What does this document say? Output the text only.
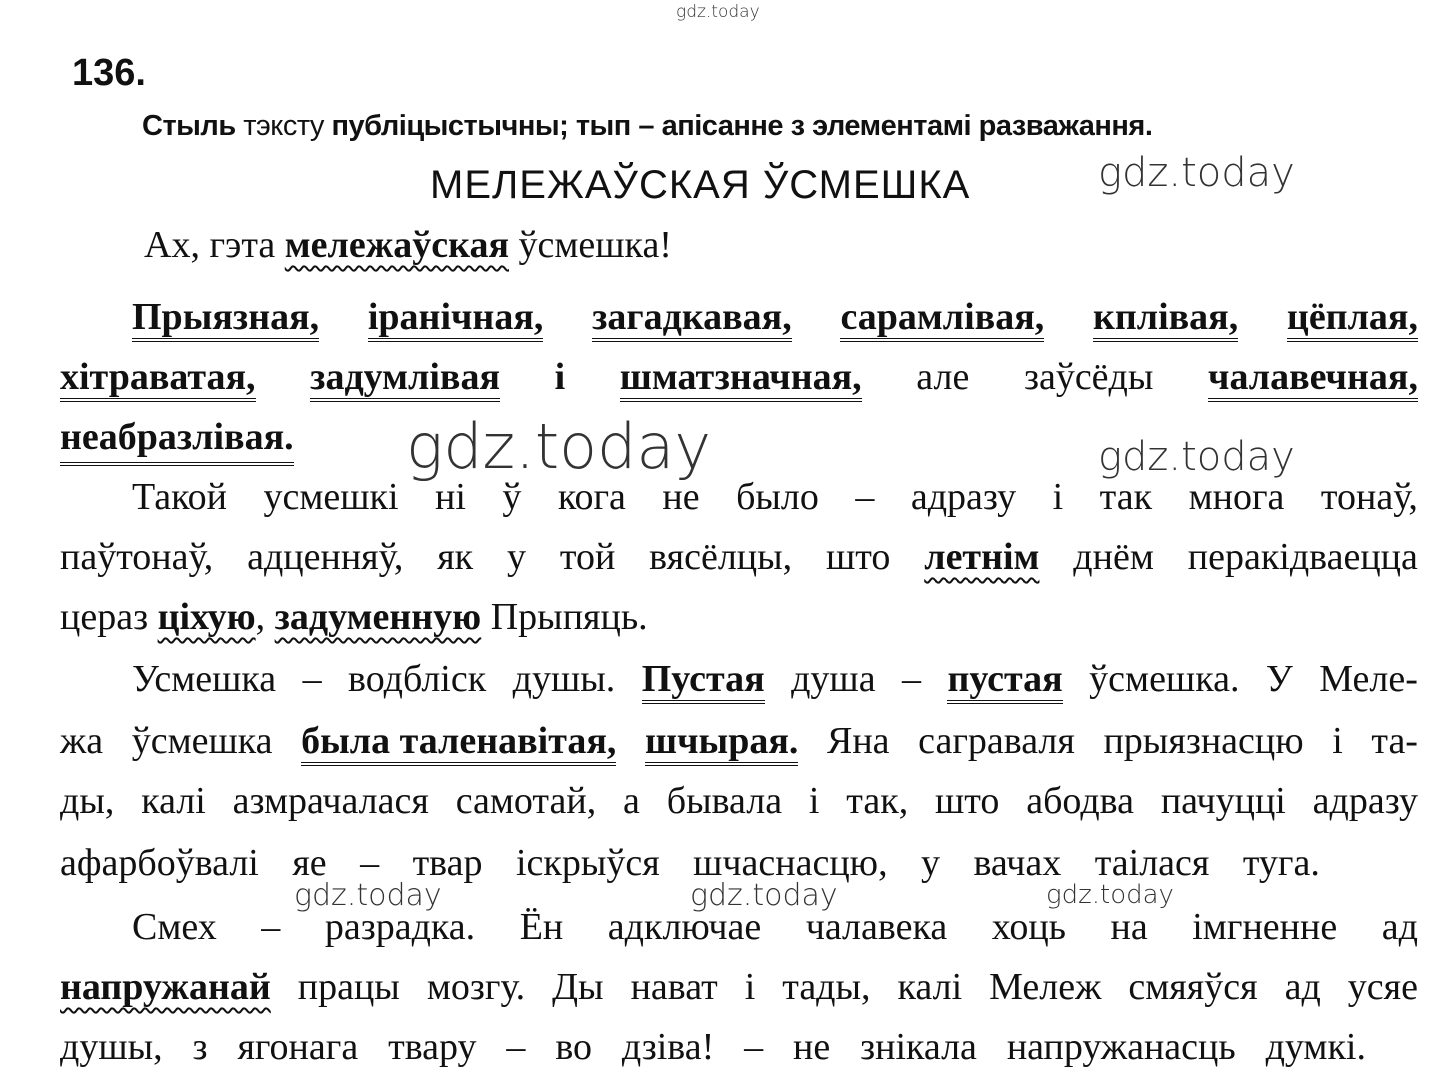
gdz.today
gdz.today
gdz.today	gdz.today
gdz.today	gdz.today	gdz.today
136.
Стыль тэксту публіцыстычны; тып – апісанне з элементамі разважання.
МЕЛЕЖАЎСКАЯ ЎСМЕШКА
Ах, гэта мележаўская ўсмешка!
Прыязная, іранічная, загадкавая, сарамлівая, кплівая, цёплая,
хітраватая, задумлівая і шматзначная, але заўсёды чалавечная,
неабразлівая.
Такой усмешкі ні ў кога не было – адразу і так многа тонаў,
паўтонаў, адценняў, як у той вясёлцы, што летнім днём перакідваецца
цераз ціхую, задуменную Прыпяць.
Усмешка – водбліск душы. Пустая душа – пустая ўсмешка. У Меле-
жа ўсмешка была таленавітая, шчырая. Яна саграваля прыязнасцю і та-
ды, калі азмрачалася самотай, а бывала і так, што абодва пачуцці адразу
афарбоўвалі яе – твар іскрыўся шчаснасцю, у вачах таілася туга.
Смех – разрадка. Ён адключае чалавека хоць на імгненне ад
напружанай працы мозгу. Ды нават і тады, калі Мележ смяяўся ад усяе
душы, з ягонага твару – во дзіва! – не знікала напружанасць думкі.
